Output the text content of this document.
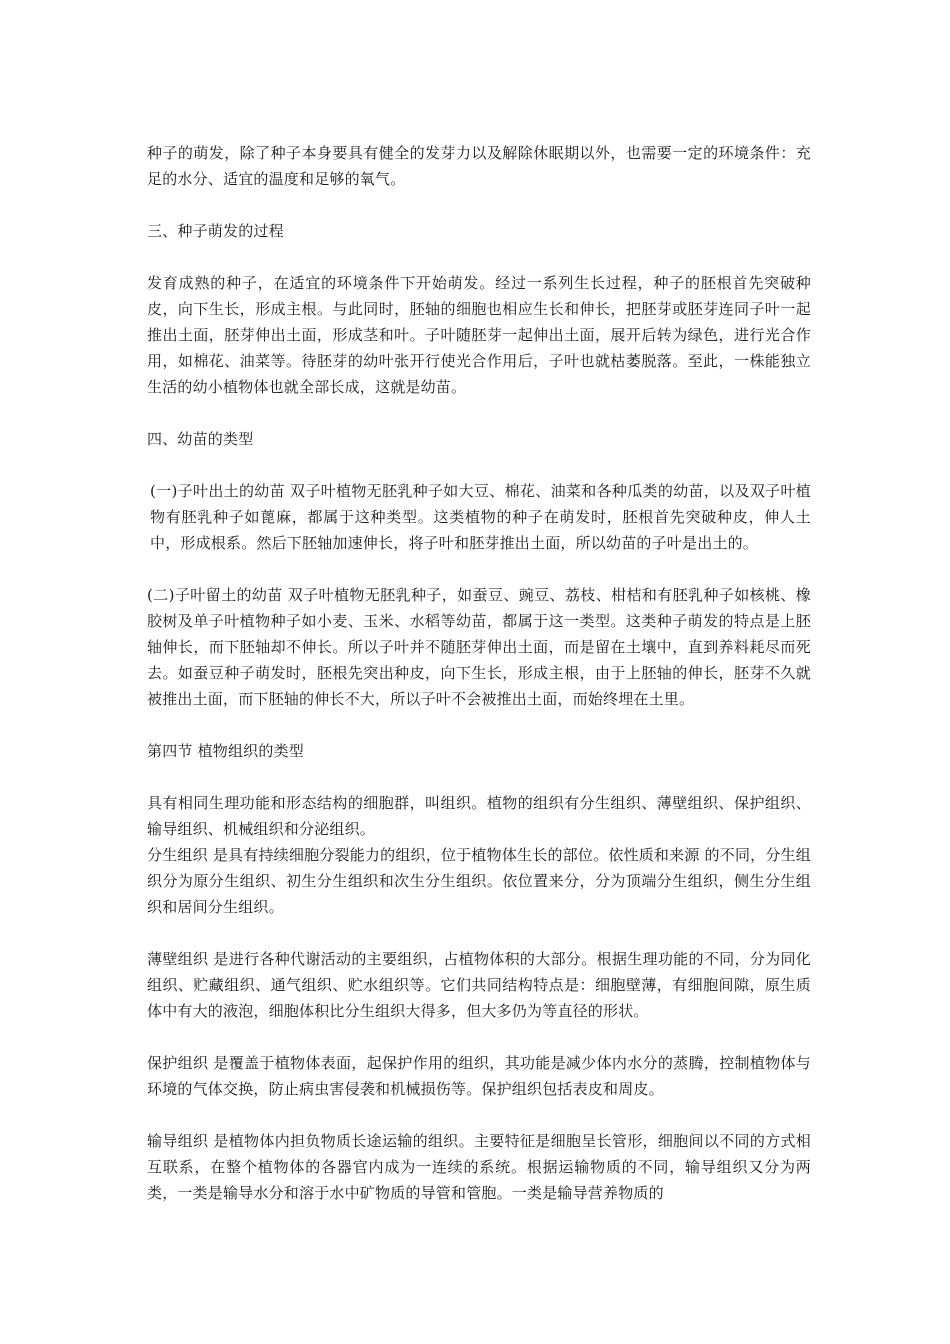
种子的萌发，除了种子本身要具有健全的发芽力以及解除休眠期以外，也需要一定的环境条件：充足的水分、适宜的温度和足够的氧气。

三、种子萌发的过程

发育成熟的种子，在适宜的环境条件下开始萌发。经过一系列生长过程，种子的胚根首先突破种皮，向下生长，形成主根。与此同时，胚轴的细胞也相应生长和伸长，把胚芽或胚芽连同子叶一起推出土面，胚芽伸出土面，形成茎和叶。子叶随胚芽一起伸出土面，展开后转为绿色，进行光合作用，如棉花、油菜等。待胚芽的幼叶张开行使光合作用后，子叶也就枯萎脱落。至此，一株能独立生活的幼小植物体也就全部长成，这就是幼苗。

四、幼苗的类型

(一)子叶出土的幼苗 双子叶植物无胚乳种子如大豆、棉花、油菜和各种瓜类的幼苗，以及双子叶植物有胚乳种子如蓖麻，都属于这种类型。这类植物的种子在萌发时，胚根首先突破种皮，伸人土中，形成根系。然后下胚轴加速伸长，将子叶和胚芽推出土面，所以幼苗的子叶是出土的。

(二)子叶留土的幼苗 双子叶植物无胚乳种子，如蚕豆、豌豆、荔枝、柑桔和有胚乳种子如核桃、橡胶树及单子叶植物种子如小麦、玉米、水稻等幼苗，都属于这一类型。这类种子萌发的特点是上胚轴伸长，而下胚轴却不伸长。所以子叶并不随胚芽伸出土面，而是留在土壤中，直到养料耗尽而死去。如蚕豆种子萌发时，胚根先突出种皮，向下生长，形成主根，由于上胚轴的伸长，胚芽不久就被推出土面，而下胚轴的伸长不大，所以子叶不会被推出土面，而始终埋在土里。

第四节 植物组织的类型

具有相同生理功能和形态结构的细胞群，叫组织。植物的组织有分生组织、薄壁组织、保护组织、输导组织、机械组织和分泌组织。

分生组织 是具有持续细胞分裂能力的组织，位于植物体生长的部位。依性质和来源 的不同，分生组织分为原分生组织、初生分生组织和次生分生组织。依位置来分，分为顶端分生组织，侧生分生组织和居间分生组织。

薄壁组织 是进行各种代谢活动的主要组织，占植物体积的大部分。根据生理功能的不同，分为同化组织、贮藏组织、通气组织、贮水组织等。它们共同结构特点是：细胞壁薄，有细胞间隙，原生质体中有大的液泡，细胞体积比分生组织大得多，但大多仍为等直径的形状。

保护组织 是覆盖于植物体表面，起保护作用的组织，其功能是减少体内水分的蒸腾，控制植物体与环境的气体交换，防止病虫害侵袭和机械损伤等。保护组织包括表皮和周皮。

输导组织 是植物体内担负物质长途运输的组织。主要特征是细胞呈长管形，细胞间以不同的方式相互联系，在整个植物体的各器官内成为一连续的系统。根据运输物质的不同，输导组织又分为两类，一类是输导水分和溶于水中矿物质的导管和管胞。一类是输导营养物质的
